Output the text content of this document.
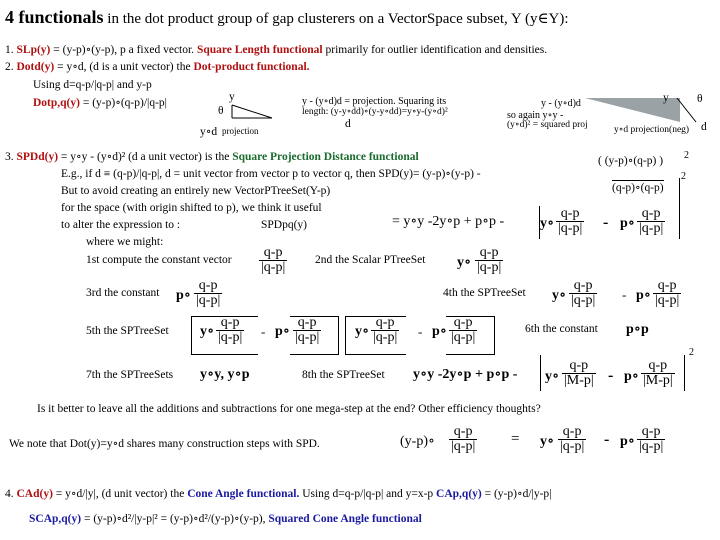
4 functionals in the dot product group of gap clusterers on a VectorSpace subset, Y (y∈Y):
1. SLp(y) = (y-p)∘(y-p), p a fixed vector. Square Length functional primarily for outlier identification and densities.
2. Dotd(y) = y∘d, (d is a unit vector) the Dot-product functional.
Using d=q-p/|q-p| and y-p
Dotp,q(y) = (y-p)∘(q-p)/|q-p|	y
θ
y∘d projection
y - (y∘d)d = projection. Squaring its
length: (y-y∘dd)∘(y-y∘dd)=y∘y-(y∘d)²
d
y - (y∘d)d
so again y∘y -
(y∘d)² = squared proj
y θ
y∘d projection(neg) d
3. SPDd(y) = y∘y - (y∘d)² (d a unit vector) is the Square Projection Distance functional
E.g., if d ≡ (q-p)/|q-p|, d = unit vector from vector p to vector q, then SPD(y)= (y-p)∘(y-p) -
( (y-p)∘(q-p) ) 2
(q-p)∘(q-p)
But to avoid creating an entirely new VectorPTreeSet(Y-p)
for the space (with origin shifted to p), we think it useful
to alter the expression to :	SPDpq(y)	= y∘y -2y∘p + p∘p -	y∘ $\frac{q-p}{|q-p|}$ - p∘ $\frac{q-p}{|q-p|}$
2
where we might:
1st compute the constant vector $\frac{q-p}{|q-p|} 2nd$ the Scalar PTreeSet y∘ $\frac{q-p}{|q-p|}$
3rd the constant p∘ $\frac{q-p}{|q-p|}$	4th the SPTreeSet y∘ $\frac{q-p}{|q-p|}$ - p∘ $\frac{q-p}{|q-p|}$
5th the SPTreeSet y∘ $\frac{q-p}{|q-p|}$ - p∘ $\frac{q-p}{|q-p|}$ y∘ $\frac{q-p}{|q-p|}$ - p∘ $\frac{q-p}{|q-p|}$	6th the constant p∘p
7th the SPTreeSets y∘y, y∘p	8th the SPTreeSet y∘y -2y∘p + p∘p - y∘ $\frac{q-p}{|M-p|}$ - p∘ $\frac{q-p}{|M-p|}$
2
Is it better to leave all the additions and subtractions for one mega-step at the end? Other efficiency thoughts?
We note that Dot(y)=y∘d shares many construction steps with SPD.	(y-p)∘ $\frac{q-p}{|q-p|}$ = y∘ $\frac{q-p}{|q-p|}$ - p∘ $\frac{q-p}{|q-p|}$
4. CAd(y) = y∘d/|y|, (d unit vector) the Cone Angle functional. Using d=q-p/|q-p| and y=x-p CAp,q(y) = (y-p)∘d/|y-p|
SCAp,q(y) = (y-p)∘d²/|y-p|² = (y-p)∘d²/(y-p)∘(y-p), Squared Cone Angle functional
